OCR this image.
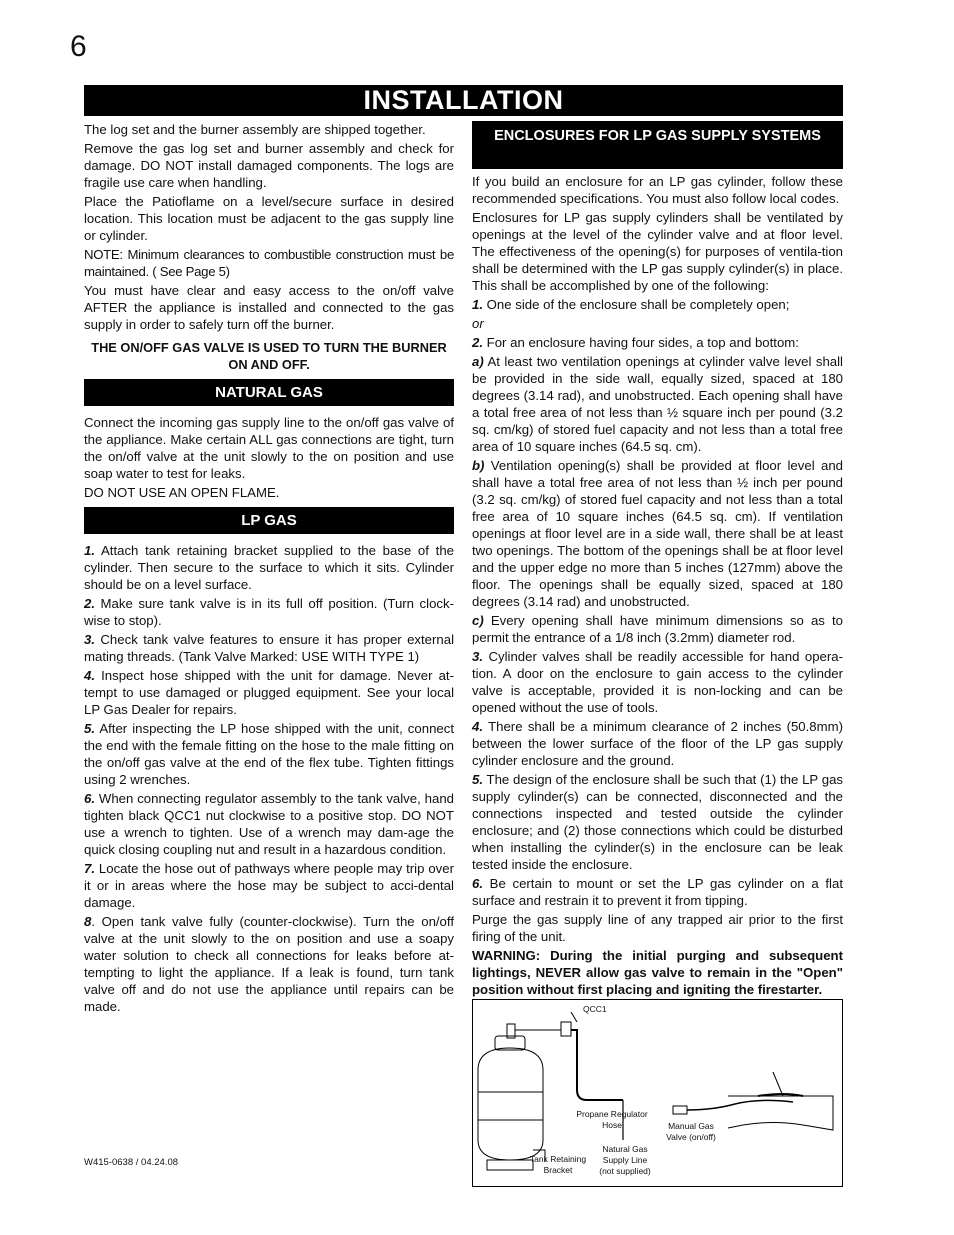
6
INSTALLATION

The log set and the burner assembly are shipped together.

Remove the gas log set and burner assembly and check for damage. DO NOT install damaged components. The logs are fragile use care when handling.

Place the Patioflame on a level/secure surface in desired location. This location must be adjacent to the gas supply line or cylinder.

NOTE: Minimum clearances to combustible construction must be maintained. ( See Page 5)

You must have clear and easy access to the on/off valve AFTER the appliance is installed and connected to the gas supply in order to safely turn off the burner.

THE ON/OFF GAS VALVE IS USED TO TURN THE BURNER ON AND OFF.

NATURAL GAS

Connect the incoming gas supply line to the on/off gas valve of the appliance. Make certain ALL gas connections are tight, turn the on/off valve at the unit slowly to the on position and use soap water to test for leaks.

DO NOT USE AN OPEN FLAME.

LP GAS

1. Attach tank retaining bracket supplied to the base of the cylinder. Then secure to the surface to which it sits. Cylinder should be on a level surface.

2. Make sure tank valve is in its full off position. (Turn clock-wise to stop).

3. Check tank valve features to ensure it has proper external mating threads. (Tank Valve Marked: USE WITH TYPE 1)

4. Inspect hose shipped with the unit for damage. Never at-tempt to use damaged or plugged equipment. See your local LP Gas Dealer for repairs.

5. After inspecting the LP hose shipped with the unit, connect the end with the female fitting on the hose to the male fitting on the on/off gas valve at the end of the flex tube. Tighten fittings using 2 wrenches.

6. When connecting regulator assembly to the tank valve, hand tighten black QCC1 nut clockwise to a positive stop. DO NOT use a wrench to tighten. Use of a wrench may dam-age the quick closing coupling nut and result in a hazardous condition.

7. Locate the hose out of pathways where people may trip over it or in areas where the hose may be subject to acci-dental damage.

8. Open tank valve fully (counter-clockwise). Turn the on/off valve at the unit slowly to the on position and use a soapy water solution to check all connections for leaks before at-tempting to light the appliance. If a leak is found, turn tank valve off and do not use the appliance until repairs can be made.

ENCLOSURES FOR LP GAS SUPPLY SYSTEMS

If you build an enclosure for an LP gas cylinder, follow these recommended specifications. You must also follow local codes.

Enclosures for LP gas supply cylinders shall be ventilated by openings at the level of the cylinder valve and at floor level. The effectiveness of the opening(s) for purposes of ventila-tion shall be determined with the LP gas supply cylinder(s) in place. This shall be accomplished by one of the following:

1. One side of the enclosure shall be completely open;

or

2. For an enclosure having four sides, a top and bottom:

a) At least two ventilation openings at cylinder valve level shall be provided in the side wall, equally sized, spaced at 180 degrees (3.14 rad), and unobstructed. Each opening shall have a total free area of not less than ½ square inch per pound (3.2 sq. cm/kg) of stored fuel capacity and not less than a total free area of 10 square inches (64.5 sq. cm).

b) Ventilation opening(s) shall be provided at floor level and shall have a total free area of not less than ½ inch per pound (3.2 sq. cm/kg) of stored fuel capacity and not less than a total free area of 10 square inches (64.5 sq. cm). If ventilation openings at floor level are in a side wall, there shall be at least two openings. The bottom of the openings shall be at floor level and the upper edge no more than 5 inches (127mm) above the floor. The openings shall be equally sized, spaced at 180 degrees (3.14 rad) and unobstructed.

c) Every opening shall have minimum dimensions so as to permit the entrance of a 1/8 inch (3.2mm) diameter rod.

3. Cylinder valves shall be readily accessible for hand opera-tion. A door on the enclosure to gain access to the cylinder valve is acceptable, provided it is non-locking and can be opened without the use of tools.

4. There shall be a minimum clearance of 2 inches (50.8mm) between the lower surface of the floor of the LP gas supply cylinder enclosure and the ground.

5. The design of the enclosure shall be such that (1) the LP gas supply cylinder(s) can be connected, disconnected and the connections inspected and tested outside the cylinder enclosure; and (2) those connections which could be disturbed when installing the cylinder(s) in the enclosure can be leak tested inside the enclosure.

6. Be certain to mount or set the LP gas cylinder on a flat surface and restrain it to prevent it from tipping.

Purge the gas supply line of any trapped air prior to the first firing of the unit.

WARNING: During the initial purging and subsequent lightings, NEVER allow gas valve to remain in the "Open" position without first placing and igniting the firestarter.

QCC1
Propane Regulator
Hose	Manual Gas
Valve (on/off)
Tank Retaining
Bracket
Natural Gas
Supply Line
(not supplied)
W415-0638 / 04.24.08
